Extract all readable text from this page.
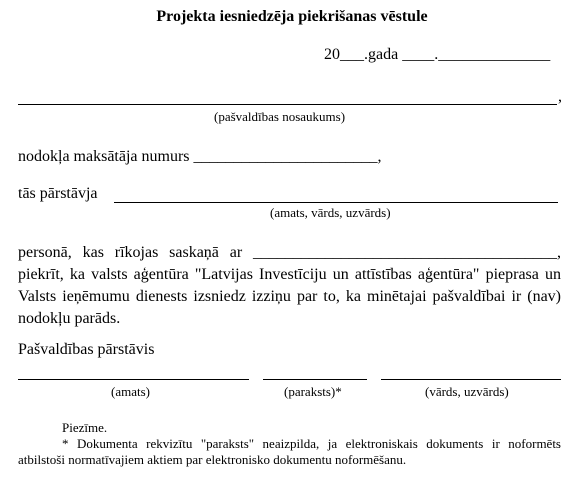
Projekta iesniedzēja piekrišanas vēstule
20___.gada ____.______________
,
(pašvaldības nosaukums)
nodokļa maksātāja numurs _______________________,
tās pārstāvja
(amats, vārds, uzvārds)
personā, kas rīkojas saskaņā ar ______________________________________, piekrīt, ka valsts aģentūra "Latvijas Investīciju un attīstības aģentūra" pieprasa un Valsts ieņēmumu dienests izsniedz izziņu par to, ka minētajai pašvaldībai ir (nav) nodokļu parāds.
Pašvaldības pārstāvis
(amats)	(paraksts)*	(vārds, uzvārds)
Piezīme.
* Dokumenta rekvizītu "paraksts" neaizpilda, ja elektroniskais dokuments ir noformēts atbilstoši normatīvajiem aktiem par elektronisko dokumentu noformēšanu.
